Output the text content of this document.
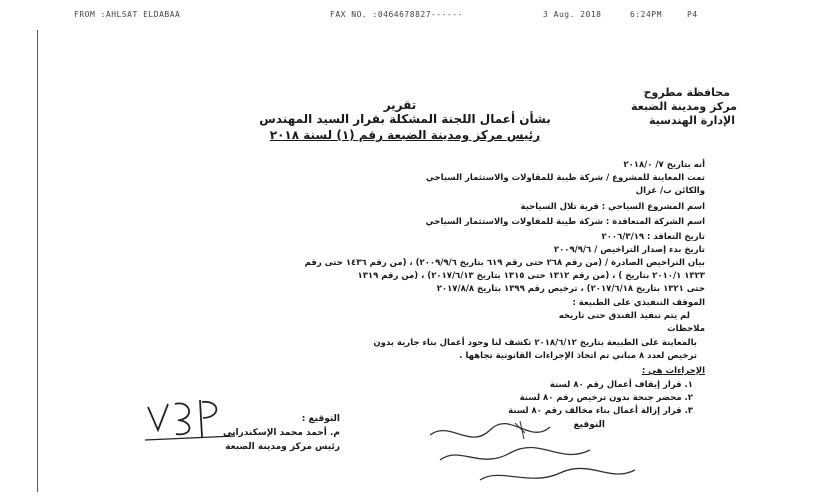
FROM :AHLSAT ELDABAA	FAX NO. :0464678827------	3 Aug. 2018	6:24PM	P4
محافظة مطروح
مركز ومدينة الضبعة
الإدارة الهندسية
تقرير
بشأن أعمال اللجنة المشكلة بقرار السيد المهندس
رئيس مركز ومدينة الضبعة رقم (١) لسنة ٢٠١٨
أنه بتاريخ ٧/ ٢٠١٨/٠
تمت المعاينة للمشروع / شركة طيبة للمقاولات والاستثمار السياحي
والكائن ب/ غزال
اسم المشروع السياحي : قرية تلال السياحية
اسم الشركة المتعاقدة : شركة طيبة للمقاولات والاستثمار السياحي
تاريخ التعاقد : ٢٠٠٦/٣/١٩
تاريخ بدء إصدار التراخيص / ٢٠٠٩/٩/٦
بيان التراخيص الصادرة / (من رقم ٢٦٨ حتى رقم ٦١٩ بتاريخ ٢٠٠٩/٩/٦) ، (من رقم ١٤٣٦ حتى رقم
١٣٢٣ ٢٠١٠/١ بتاريخ ) ، (من رقم ١٣١٢ حتى ١٣١٥ بتاريخ ٢٠١٧/٦/١٣) ، (من رقم ١٣١٩
حتى ١٣٢١ بتاريخ ٢٠١٧/٦/١٨) ، ترخيص رقم ١٣٩٩ بتاريخ ٢٠١٧/٨/٨
الموقف التنفيذي على الطبيعة :
لم يتم تنفيذ الفندق حتى تاريخه
ملاحظات
بالمعاينة على الطبيعة بتاريخ ٢٠١٨/٦/١٢ تكشف لنا وجود أعمال بناء جارية بدون
ترخيص لعدد ٨ مباني تم اتخاذ الإجراءات القانونية تجاهها .
الإجراءات هي :
١. قرار إيقاف أعمال رقم ٨٠ لسنة
٢. محضر جنحة بدون ترخيص رقم ٨٠ لسنة
٣. قرار إزالة أعمال بناء مخالف رقم ٨٠ لسنة
التوقيع
التوقيع :
م. أحمد محمد الإسكندراني
رئيس مركز ومدينة الضبعة
